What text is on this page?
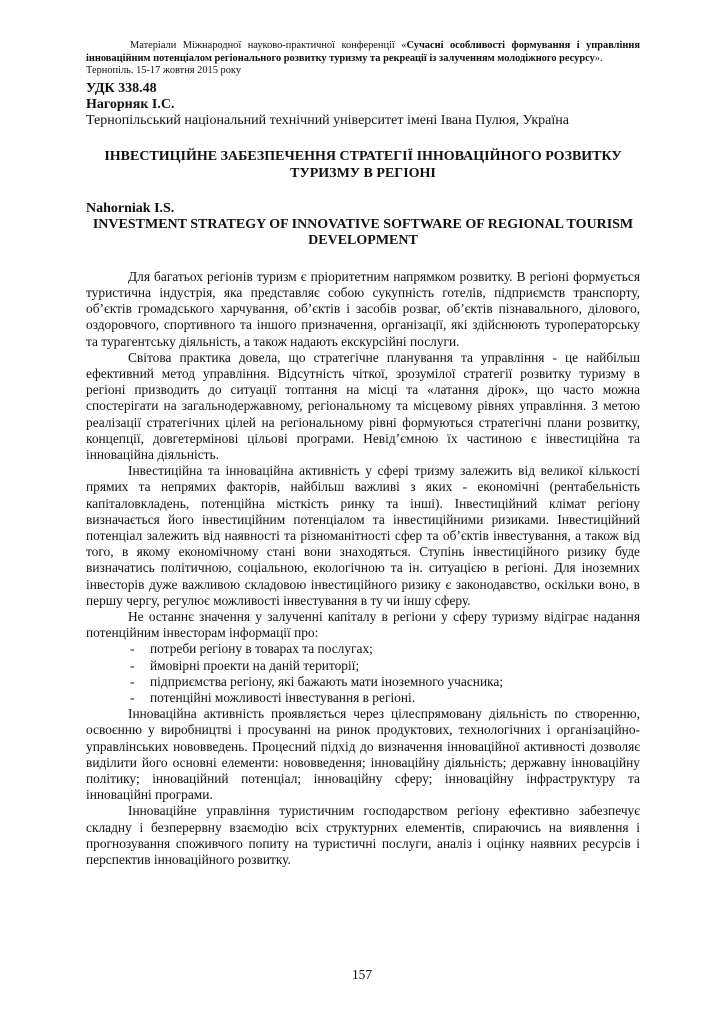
Матеріали Міжнародної науково-практичної конференції «Сучасні особливості формування і управління інноваційним потенціалом регіонального розвитку туризму та рекреації із залученням молодіжного ресурсу».
Тернопіль. 15-17 жовтня 2015 року
УДК 338.48
Нагорняк І.С.
Тернопільський національний технічний університет імені Івана Пулюя, Україна
ІНВЕСТИЦІЙНЕ ЗАБЕЗПЕЧЕННЯ СТРАТЕГІЇ ІННОВАЦІЙНОГО РОЗВИТКУ ТУРИЗМУ В РЕГІОНІ
Nahorniak I.S.
INVESTMENT STRATEGY OF INNOVATIVE SOFTWARE OF REGIONAL TOURISM DEVELOPMENT

Для багатьох регіонів туризм є пріоритетним напрямком розвитку. В регіоні формується туристична індустрія, яка представляє собою сукупність готелів, підприємств транспорту, об’єктів громадського харчування, об’єктів і засобів розваг, об’єктів пізнавального, ділового, оздоровчого, спортивного та іншого призначення, організації, які здійснюють туроператорську та турагентську діяльність, а також надають екскурсійні послуги.

Світова практика довела, що стратегічне планування та управління - це найбільш ефективний метод управління. Відсутність чіткої, зрозумілої стратегії розвитку туризму в регіоні призводить до ситуації топтання на місці та «латання дірок», що часто можна спостерігати на загальнодержавному, регіональному та місцевому рівнях управління. З метою реалізації стратегічних цілей на регіональному рівні формуються стратегічні плани розвитку, концепції, довгетермінові цільові програми. Невід’ємною їх частиною є інвестиційна та інноваційна діяльність.

Інвестиційна та інноваційна активність у сфері тризму залежить від великої кількості прямих та непрямих факторів, найбільш важливі з яких - економічні (рентабельність капіталовкладень, потенційна місткість ринку та інші). Інвестиційний клімат регіону визначається його інвестиційним потенціалом та інвестиційними ризиками. Інвестиційний потенціал залежить від наявності та різноманітності сфер та об’єктів інвестування, а також від того, в якому економічному стані вони знаходяться. Ступінь інвестиційного ризику буде визначатись політичною, соціальною, екологічною та ін. ситуацією в регіоні. Для іноземних інвесторів дуже важливою складовою інвестиційного ризику є законодавство, оскільки воно, в першу чергу, регулює можливості інвестування в ту чи іншу сферу.

Не останнє значення у залученні капіталу в регіони у сферу туризму відіграє надання потенційним інвесторам інформації про:

- потреби регіону в товарах та послугах;
- ймовірні проекти на даній території;
- підприємства регіону, які бажають мати іноземного учасника;
- потенційні можливості інвестування в регіоні.

Інноваційна активність проявляється через цілеспрямовану діяльність по створенню, освоєнню у виробництві і просуванні на ринок продуктових, технологічних і організаційно-управлінських нововведень. Процесний підхід до визначення інноваційної активності дозволяє виділити його основні елементи: нововведення; інноваційну діяльність; державну інноваційну політику; інноваційний потенціал; інноваційну сферу; інноваційну інфраструктуру та інноваційні програми.

Інноваційне управління туристичним господарством регіону ефективно забезпечує складну і безперервну взаємодію всіх структурних елементів, спираючись на виявлення і прогнозування споживчого попиту на туристичні послуги, аналіз і оцінку наявних ресурсів і перспектив інноваційного розвитку.

157
